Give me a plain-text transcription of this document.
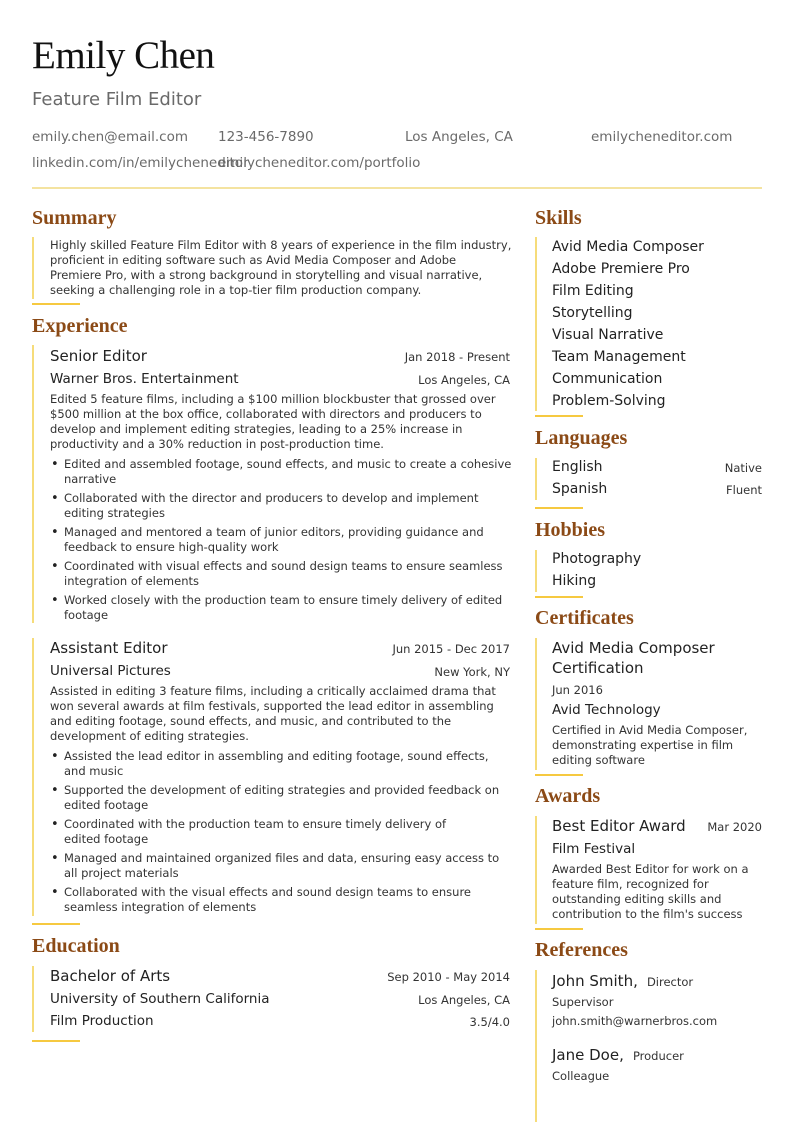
Emily Chen
Feature Film Editor
emily.chen@email.com 123-456-7890	Los Angeles, CA	emilycheneditor.com
linkedin.com/in/emilycheneditor
emilycheneditor.com/portfolio
Summary
Highly skilled Feature Film Editor with 8 years of experience in the film industry,
proficient in editing software such as Avid Media Composer and Adobe
Premiere Pro, with a strong background in storytelling and visual narrative,
seeking a challenging role in a top-tier film production company.
Experience
Senior Editor	Jan 2018 - Present
Warner Bros. Entertainment	Los Angeles, CA
Edited 5 feature films, including a $100 million blockbuster that grossed over $500 million at the box office, collaborated with directors and producers to develop and implement editing strategies, leading to a 25% increase in productivity and a 30% reduction in post-production time.
• Edited and assembled footage, sound effects, and music to create a cohesive narrative
• Collaborated with the director and producers to develop and implement editing strategies
• Managed and mentored a team of junior editors, providing guidance and feedback to ensure high-quality work
• Coordinated with visual effects and sound design teams to ensure seamless integration of elements
• Worked closely with the production team to ensure timely delivery of edited footage
Assistant Editor	Jun 2015 - Dec 2017
Universal Pictures	New York, NY
Assisted in editing 3 feature films, including a critically acclaimed drama that won several awards at film festivals, supported the lead editor in assembling and editing footage, sound effects, and music, and contributed to the development of editing strategies.
• Assisted the lead editor in assembling and editing footage, sound effects, and music
• Supported the development of editing strategies and provided feedback on edited footage
• Coordinated with the production team to ensure timely delivery of edited footage
• Managed and maintained organized files and data, ensuring easy access to all project materials
• Collaborated with the visual effects and sound design teams to ensure seamless integration of elements
Education
Bachelor of Arts	Sep 2010 - May 2014
University of Southern California	Los Angeles, CA
Film Production	3.5/4.0
Skills
Avid Media Composer
Adobe Premiere Pro
Film Editing
Storytelling
Visual Narrative
Team Management
Communication
Problem-Solving
Languages
English	Native
Spanish	Fluent
Hobbies
Photography
Hiking
Certificates
Avid Media Composer
Certification
Jun 2016
Avid Technology
Certified in Avid Media Composer, demonstrating expertise in film editing software
Awards
Best Editor Award	Mar 2020
Film Festival
Awarded Best Editor for work on a feature film, recognized for outstanding editing skills and contribution to the film's success
References
John Smith, Director
Supervisor
john.smith@warnerbros.com
Jane Doe, Producer
Colleague
